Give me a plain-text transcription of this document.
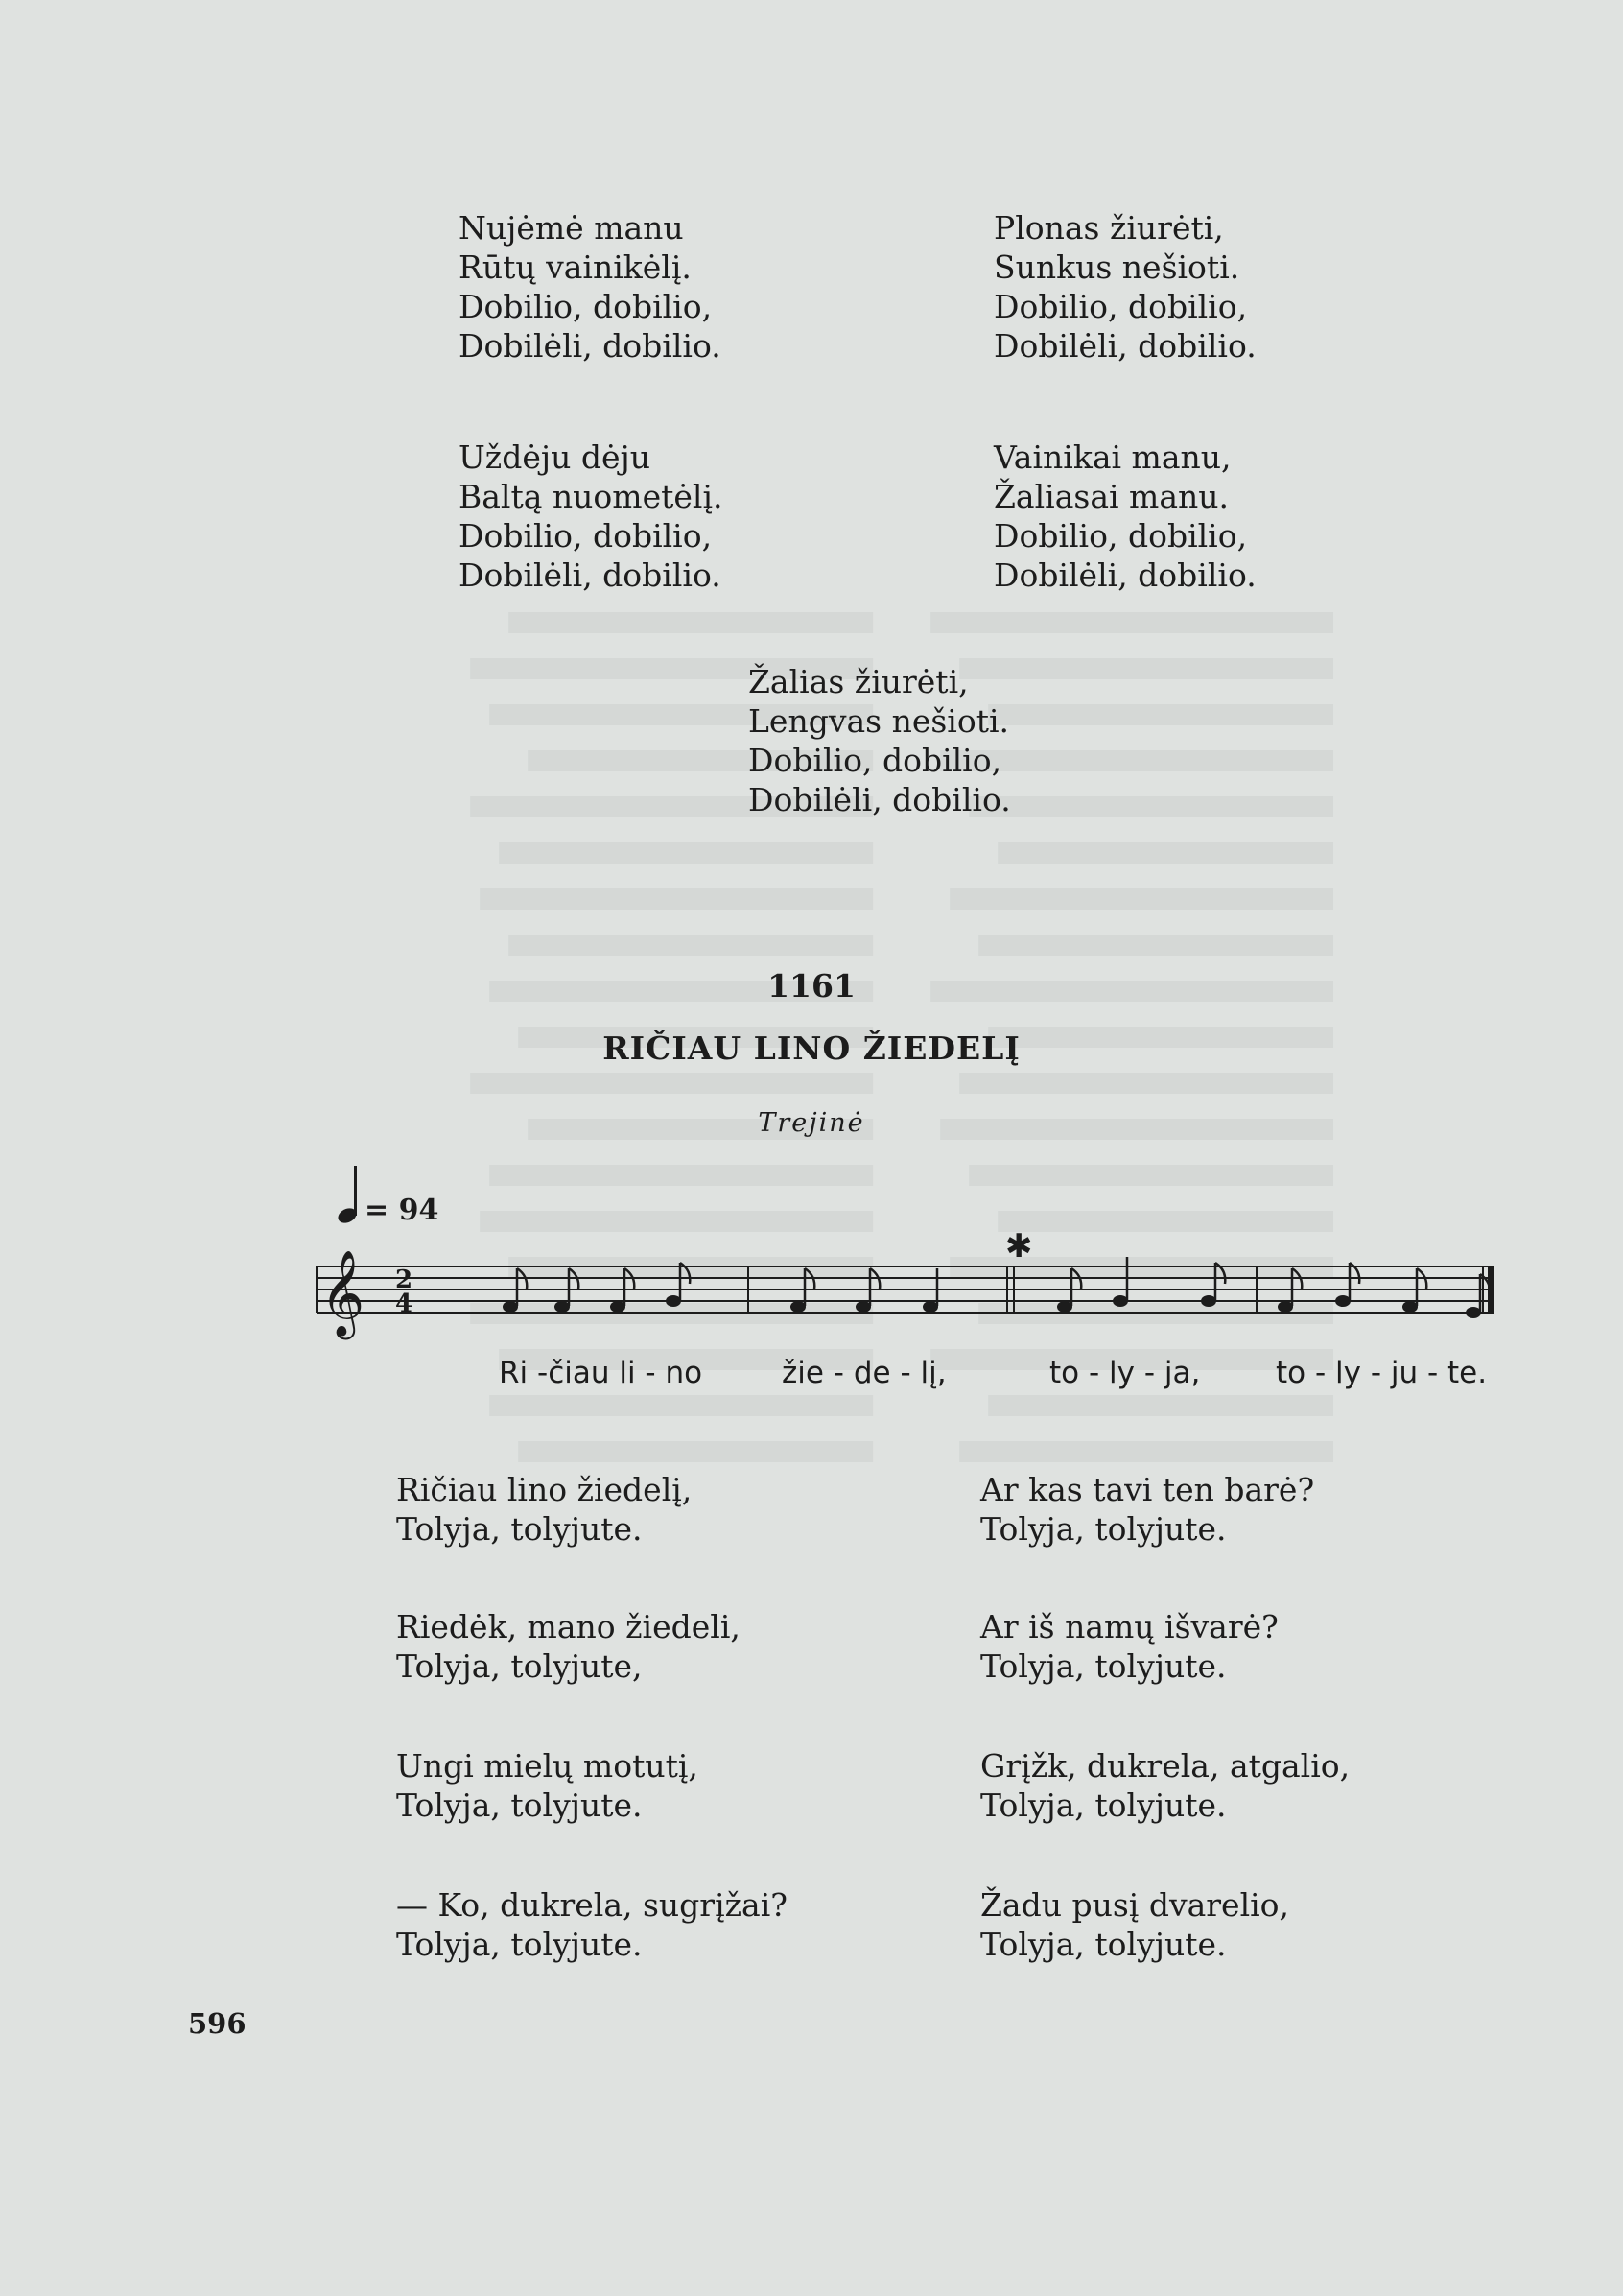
Nujėmė manu
Rūtų vainikėlį.
Dobilio, dobilio,
Dobilėli, dobilio.
Plonas žiurėti,
Sunkus nešioti.
Dobilio, dobilio,
Dobilėli, dobilio.
Uždėju dėju
Baltą nuometėlį.
Dobilio, dobilio,
Dobilėli, dobilio.
Vainikai manu,
Žaliasai manu.
Dobilio, dobilio,
Dobilėli, dobilio.
Žalias žiurėti,
Lengvas nešioti.
Dobilio, dobilio,
Dobilėli, dobilio.
1161
RIČIAU LINO ŽIEDELĮ
Trejinė
= 94
𝄞 2
4
✱
Ri -čiau li - no	žie - de - lį,	to - ly - ja,	to - ly - ju - te.
Ričiau lino žiedelį,
Tolyja, tolyjute.
Ar kas tavi ten barė?
Tolyja, tolyjute.
Riedėk, mano žiedeli,
Tolyja, tolyjute,
Ar iš namų išvarė?
Tolyja, tolyjute.
Ungi mielų motutį,
Tolyja, tolyjute.
Grįžk, dukrela, atgalio,
Tolyja, tolyjute.
— Ko, dukrela, sugrįžai?
Tolyja, tolyjute.
Žadu pusį dvarelio,
Tolyja, tolyjute.
596
